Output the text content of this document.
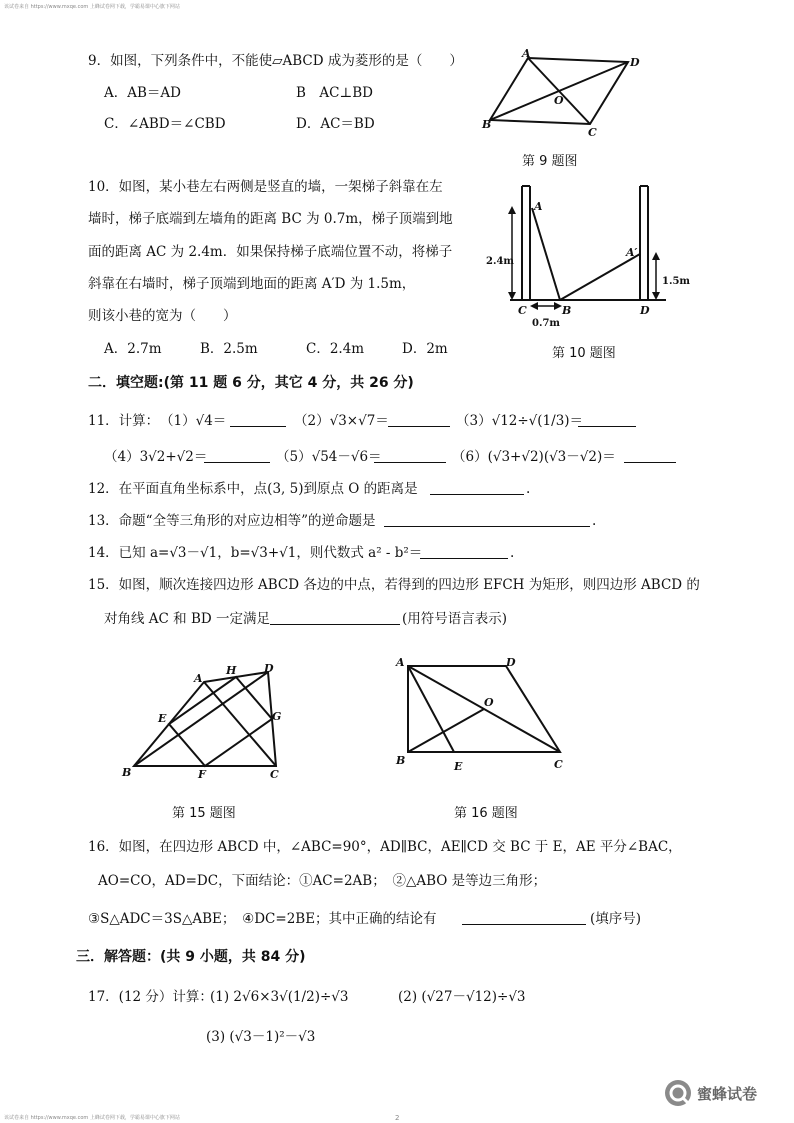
该试卷来自 https://www.mxqe.com 上蜂试卷网下载，学霸易课中心旗下网站
该试卷来自 https://www.mxqe.com 上蜂试卷网下载，学霸易课中心旗下网站	2
9．如图，下列条件中，不能使▱ABCD 成为菱形的是（　　）
A．AB＝AD	B　AC⊥BD
C．∠ABD＝∠CBD	D．AC＝BD
A
D
B
C
O
第 9 题图
10．如图，某小巷左右两侧是竖直的墙，一架梯子斜靠在左
墙时，梯子底端到左墙角的距离 BC 为 0.7m，梯子顶端到地
面的距离 AC 为 2.4m．如果保持梯子底端位置不动，将梯子
斜靠在右墙时，梯子顶端到地面的距离 A′D 为 1.5m，
则该小巷的宽为（　　）
A．2.7m	B．2.5m	C．2.4m	D．2m
A
A′
C	B	D
2.4m
1.5m
0.7m
第 10 题图
二．填空题:(第 11 题 6 分，其它 4 分，共 26 分)
11．计算： （1）√4＝	（2）√3×√7＝	（3）√12÷√(1/3)＝
（4）3√2+√2＝	（5）√54－√6＝	（6）(√3+√2)(√3－√2)＝
12．在平面直角坐标系中，点(3, 5)到原点 O 的距离是	.
13．命题“全等三角形的对应边相等”的逆命题是	.
14．已知 a=√3－√1，b=√3+√1，则代数式 a² - b²＝	.
15．如图，顺次连接四边形 ABCD 各边的中点，若得到的四边形 EFCH 为矩形，则四边形 ABCD 的
对角线 AC 和 BD 一定满足	(用符号语言表示)
A
H	D
E	G
B	F	C
第 15 题图
A	D
O
B	E	C
第 16 题图
16．如图，在四边形 ABCD 中，∠ABC=90°，AD∥BC，AE∥CD 交 BC 于 E，AE 平分∠BAC，
AO=CO，AD=DC，下面结论：①AC=2AB；　②△ABO 是等边三角形；
③S△ADC＝3S△ABE；　④DC=2BE；其中正确的结论有	(填序号)
三．解答题：(共 9 小题，共 84 分)
17．(12 分）计算：
(1) 2√6×3√(1/2)÷√3	(2) (√27－√12)÷√3
(3) (√3－1)²－√3
蜜蜂试卷
